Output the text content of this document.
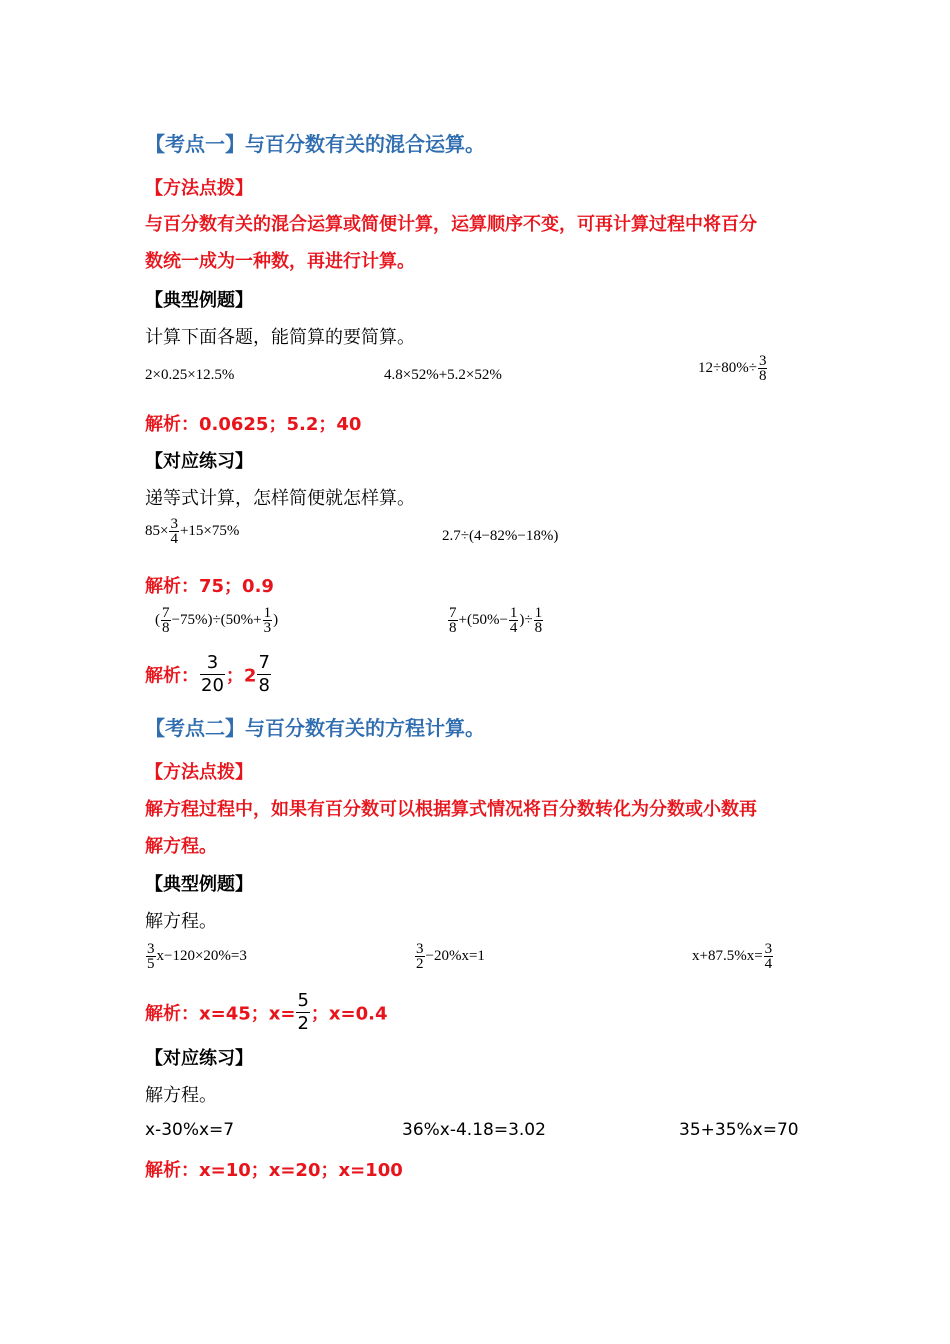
【考点一】与百分数有关的混合运算。
【方法点拨】
与百分数有关的混合运算或简便计算，运算顺序不变，可再计算过程中将百分
数统一成为一种数，再进行计算。
【典型例题】
计算下面各题，能简算的要简算。
2×0.25×12.5%	4.8×52%+5.2×52%	$12\div 80\%\div \frac{3}{8}$
解析：0.0625；5.2；40
【对应练习】
递等式计算，怎样简便就怎样算。
$85\times \frac{3}{4} +15\times 75\%$	2.7÷(4−82%−18%)
解析：75；0.9
( $\frac{7}{8} -75\%)\div(50\%+ \frac{1}{3}$ )	$\frac{7}{8} +(50\%- \frac{1}{4}$ )÷ $\frac{1}{8}$
解析： $\frac{3}{20}$ ；$2 \frac{7}{8}$
【考点二】与百分数有关的方程计算。
【方法点拨】
解方程过程中，如果有百分数可以根据算式情况将百分数转化为分数或小数再
解方程。
【典型例题】
解方程。
$\frac{3}{5} x-120\times 20\%=3$	$\frac{3}{2} -20\%x=1$	$x+87.5\%x= \frac{3}{4}$
解析：x=45；$x= \frac{5}{2}$ ；x=0.4
【对应练习】
解方程。
x-30%x=7	36%x-4.18=3.02	35+35%x=70
解析：x=10；x=20；x=100
